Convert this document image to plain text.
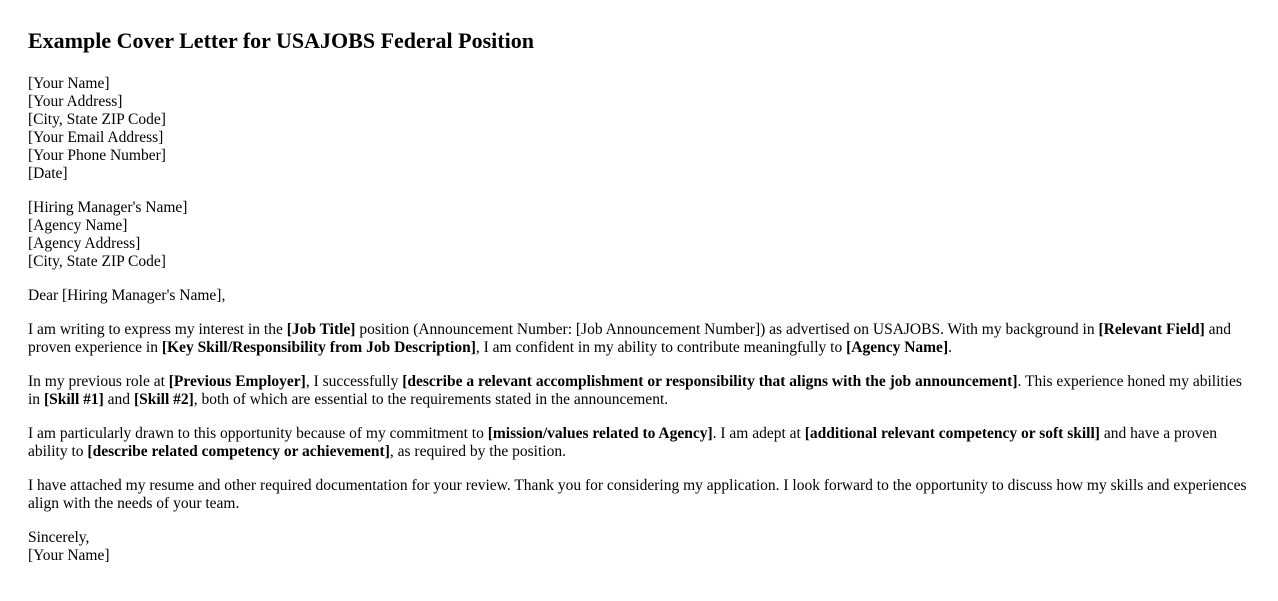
Example Cover Letter for USAJOBS Federal Position
[Your Name]
[Your Address]
[City, State ZIP Code]
[Your Email Address]
[Your Phone Number]
[Date]
[Hiring Manager's Name]
[Agency Name]
[Agency Address]
[City, State ZIP Code]

Dear [Hiring Manager's Name],

I am writing to express my interest in the [Job Title] position (Announcement Number: [Job Announcement Number]) as advertised on USAJOBS. With my background in [Relevant Field] and proven experience in [Key Skill/Responsibility from Job Description], I am confident in my ability to contribute meaningfully to [Agency Name].

In my previous role at [Previous Employer], I successfully [describe a relevant accomplishment or responsibility that aligns with the job announcement]. This experience honed my abilities in [Skill #1] and [Skill #2], both of which are essential to the requirements stated in the announcement.

I am particularly drawn to this opportunity because of my commitment to [mission/values related to Agency]. I am adept at [additional relevant competency or soft skill] and have a proven ability to [describe related competency or achievement], as required by the position.

I have attached my resume and other required documentation for your review. Thank you for considering my application. I look forward to the opportunity to discuss how my skills and experiences align with the needs of your team.

Sincerely,
[Your Name]
